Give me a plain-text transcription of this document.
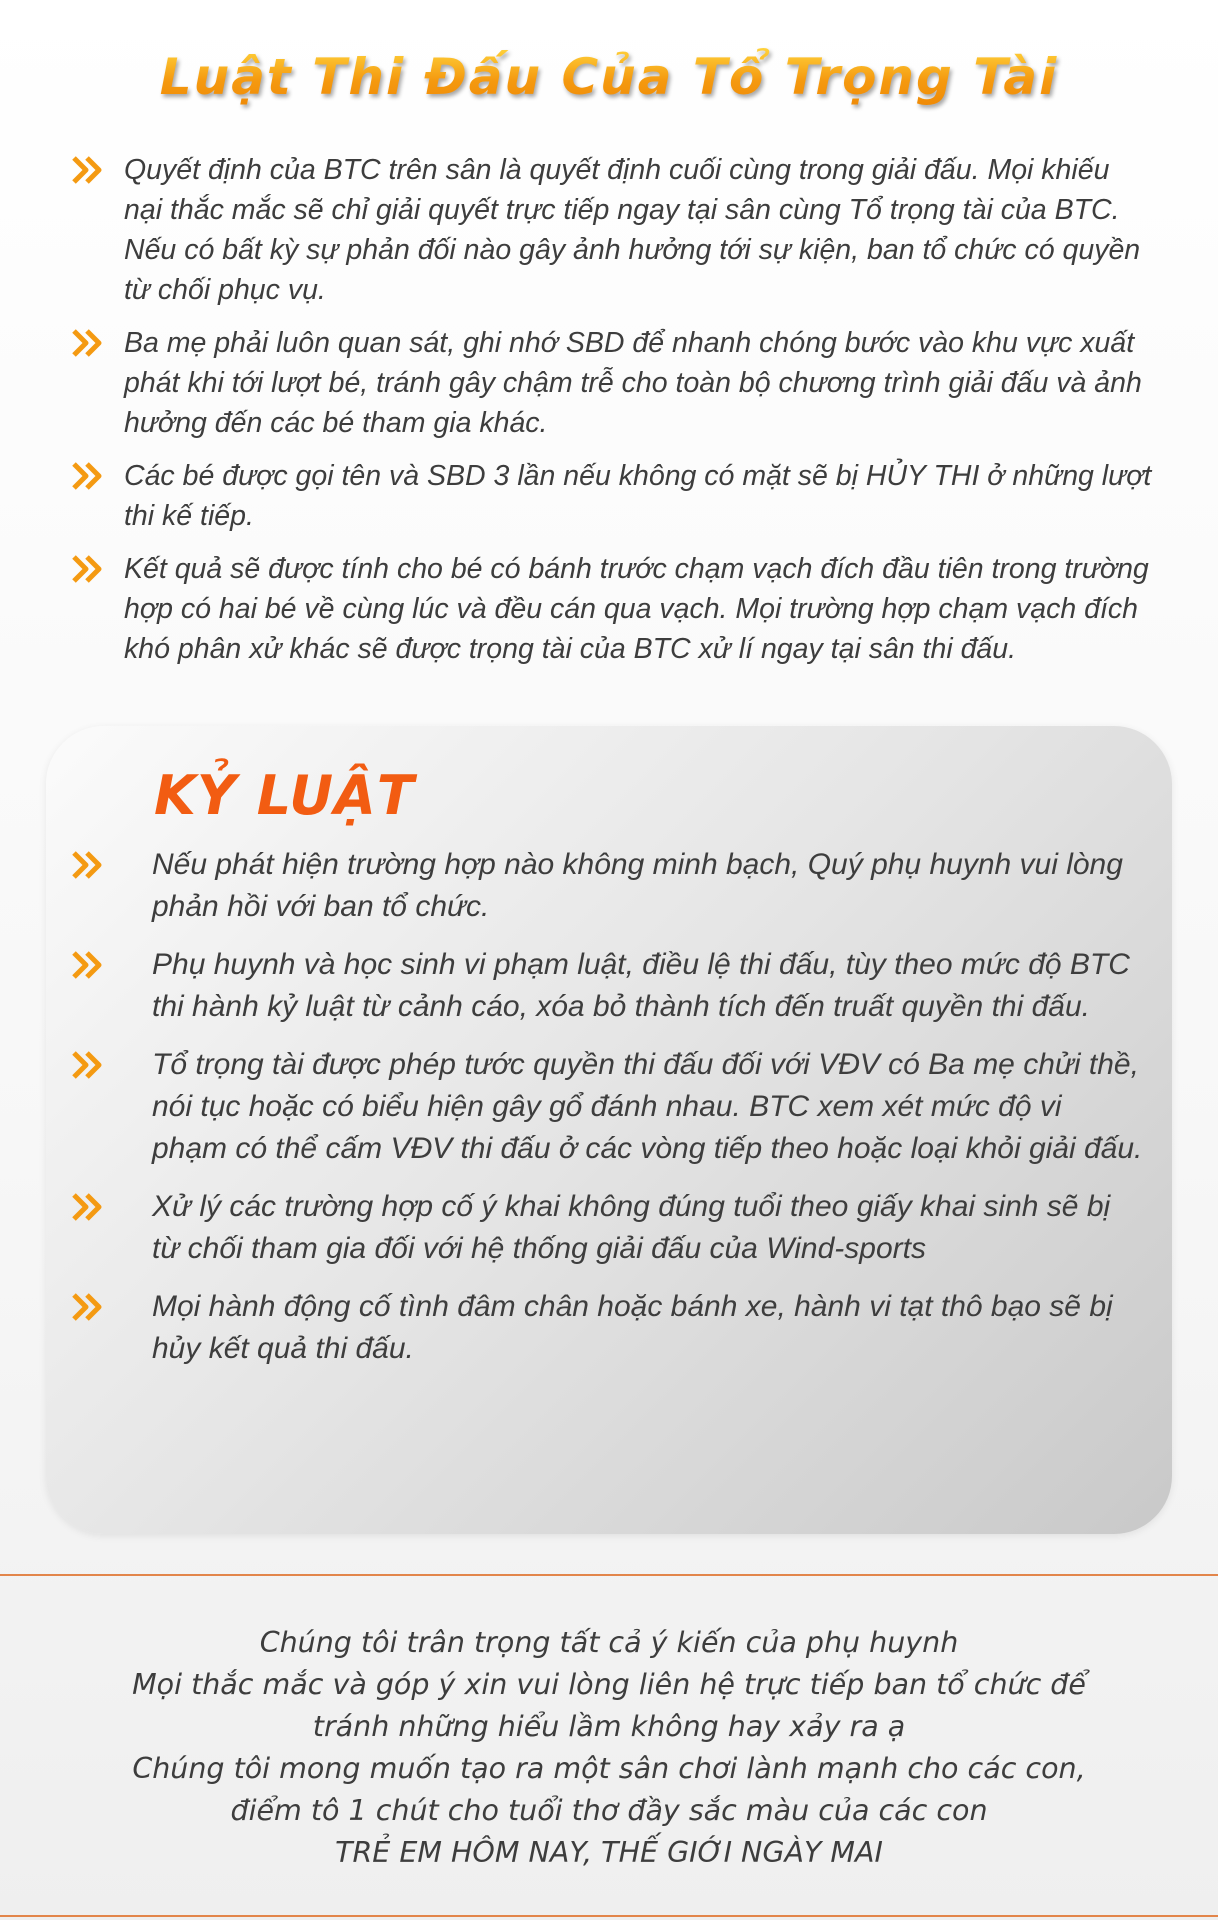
Luật Thi Đấu Của Tổ Trọng Tài
Quyết định của BTC trên sân là quyết định cuối cùng trong giải đấu. Mọi khiếu nại thắc mắc sẽ chỉ giải quyết trực tiếp ngay tại sân cùng Tổ trọng tài của BTC. Nếu có bất kỳ sự phản đối nào gây ảnh hưởng tới sự kiện, ban tổ chức có quyền từ chối phục vụ.
Ba mẹ phải luôn quan sát, ghi nhớ SBD để nhanh chóng bước vào khu vực xuất phát khi tới lượt bé, tránh gây chậm trễ cho toàn bộ chương trình giải đấu và ảnh hưởng đến các bé tham gia khác.
Các bé được gọi tên và SBD 3 lần nếu không có mặt sẽ bị HỦY THI ở những lượt thi kế tiếp.
Kết quả sẽ được tính cho bé có bánh trước chạm vạch đích đầu tiên trong trường hợp có hai bé về cùng lúc và đều cán qua vạch. Mọi trường hợp chạm vạch đích khó phân xử khác sẽ được trọng tài của BTC xử lí ngay tại sân thi đấu.
KỶ LUẬT
Nếu phát hiện trường hợp nào không minh bạch, Quý phụ huynh vui lòng phản hồi với ban tổ chức.
Phụ huynh và học sinh vi phạm luật, điều lệ thi đấu, tùy theo mức độ BTC thi hành kỷ luật từ cảnh cáo, xóa bỏ thành tích đến truất quyền thi đấu.
Tổ trọng tài được phép tước quyền thi đấu đối với VĐV có Ba mẹ chửi thề, nói tục hoặc có biểu hiện gây gổ đánh nhau. BTC xem xét mức độ vi phạm có thể cấm VĐV thi đấu ở các vòng tiếp theo hoặc loại khỏi giải đấu.
Xử lý các trường hợp cố ý khai không đúng tuổi theo giấy khai sinh sẽ bị từ chối tham gia đối với hệ thống giải đấu của Wind-sports
Mọi hành động cố tình đâm chân hoặc bánh xe, hành vi tạt thô bạo sẽ bị hủy kết quả thi đấu.
Chúng tôi trân trọng tất cả ý kiến của phụ huynh
Mọi thắc mắc và góp ý xin vui lòng liên hệ trực tiếp ban tổ chức để
tránh những hiểu lầm không hay xảy ra ạ
Chúng tôi mong muốn tạo ra một sân chơi lành mạnh cho các con,
điểm tô 1 chút cho tuổi thơ đầy sắc màu của các con
TRẺ EM HÔM NAY, THẾ GIỚI NGÀY MAI
